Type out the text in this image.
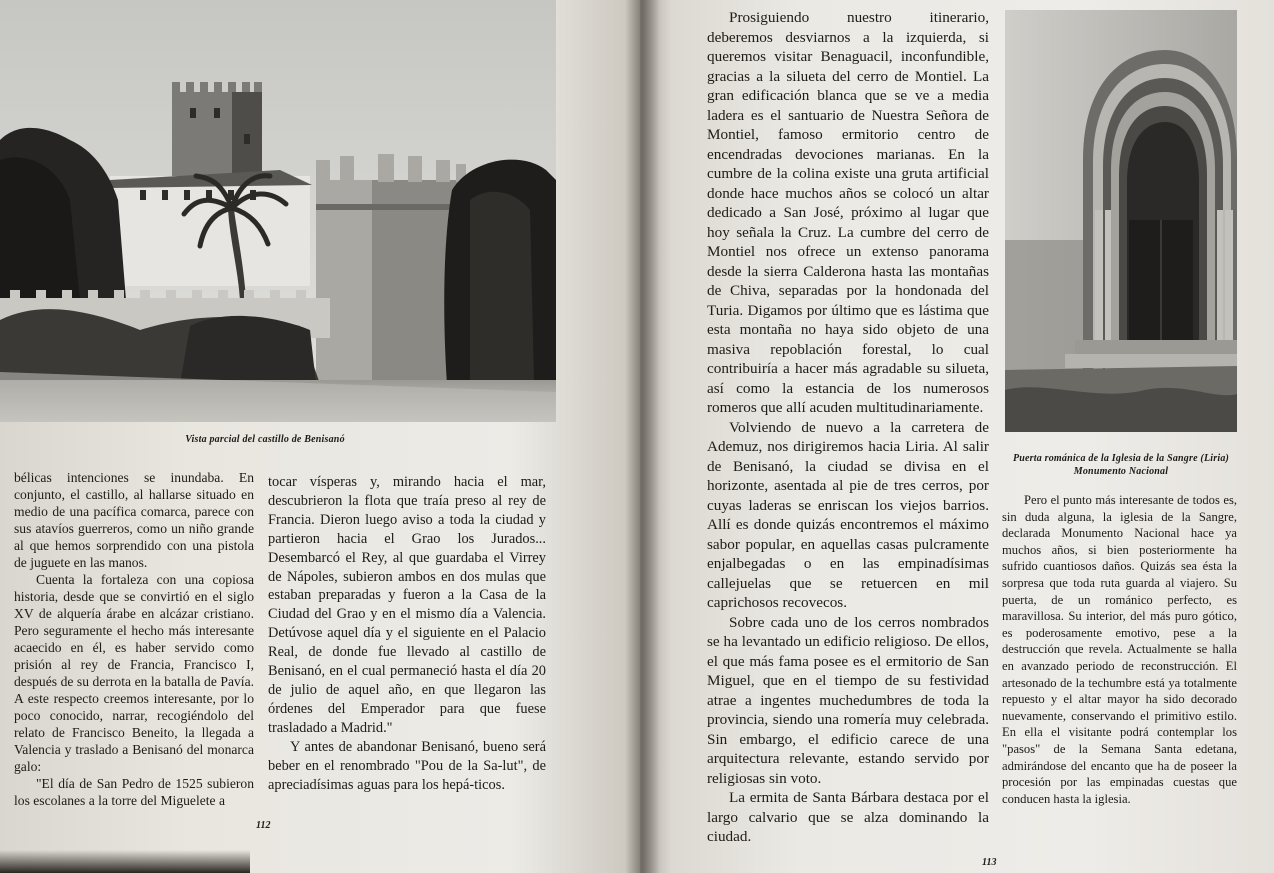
Vista parcial del castillo de Benisanó

bélicas intenciones se inundaba. En conjunto, el castillo, al hallarse situado en medio de una pacífica comarca, parece con sus atavíos guerreros, como un niño grande al que hemos sorprendido con una pistola de juguete en las manos.

Cuenta la fortaleza con una copiosa historia, desde que se convirtió en el siglo XV de alquería árabe en alcázar cristiano. Pero seguramente el hecho más interesante acaecido en él, es haber servido como prisión al rey de Francia, Francisco I, después de su derrota en la batalla de Pavía. A este respecto creemos interesante, por lo poco conocido, narrar, recogiéndolo del relato de Francisco Beneito, la llegada a Valencia y traslado a Benisanó del monarca galo:

"El día de San Pedro de 1525 subieron los escolanes a la torre del Miguelete a

tocar vísperas y, mirando hacia el mar, descubrieron la flota que traía preso al rey de Francia. Dieron luego aviso a toda la ciudad y partieron hacia el Grao los Jurados... Desembarcó el Rey, al que guardaba el Virrey de Nápoles, subieron ambos en dos mulas que estaban preparadas y fueron a la Casa de la Ciudad del Grao y en el mismo día a Valencia. Detúvose aquel día y el siguiente en el Palacio Real, de donde fue llevado al castillo de Benisanó, en el cual permaneció hasta el día 20 de julio de aquel año, en que llegaron las órdenes del Emperador para que fuese trasladado a Madrid."

Y antes de abandonar Benisanó, bueno será beber en el renombrado "Pou de la Sa-lut", de apreciadísimas aguas para los hepá-ticos.

112

Prosiguiendo nuestro itinerario, deberemos desviarnos a la izquierda, si queremos visitar Benaguacil, inconfundible, gracias a la silueta del cerro de Montiel. La gran edificación blanca que se ve a media ladera es el santuario de Nuestra Señora de Montiel, famoso ermitorio centro de encendradas devociones marianas. En la cumbre de la colina existe una gruta artificial donde hace muchos años se colocó un altar dedicado a San José, próximo al lugar que hoy señala la Cruz. La cumbre del cerro de Montiel nos ofrece un extenso panorama desde la sierra Calderona hasta las montañas de Chiva, separadas por la hondonada del Turia. Digamos por último que es lástima que esta montaña no haya sido objeto de una masiva repoblación forestal, lo cual contribuiría a hacer más agradable su silueta, así como la estancia de los numerosos romeros que allí acuden multitudinariamente.

Volviendo de nuevo a la carretera de Ademuz, nos dirigiremos hacia Liria. Al salir de Benisanó, la ciudad se divisa en el horizonte, asentada al pie de tres cerros, por cuyas laderas se enriscan los viejos barrios. Allí es donde quizás encontremos el máximo sabor popular, en aquellas casas pulcramente enjalbegadas o en las empinadísimas callejuelas que se retuercen en mil caprichosos recovecos.

Sobre cada uno de los cerros nombrados se ha levantado un edificio religioso. De ellos, el que más fama posee es el ermitorio de San Miguel, que en el tiempo de su festividad atrae a ingentes muchedumbres de toda la provincia, siendo una romería muy celebrada. Sin embargo, el edificio carece de una arquitectura relevante, estando servido por religiosas sin voto.

La ermita de Santa Bárbara destaca por el largo calvario que se alza dominando la ciudad.

Puerta románica de la Iglesia de la Sangre (Liria)
Monumento Nacional

Pero el punto más interesante de todos es, sin duda alguna, la iglesia de la Sangre, declarada Monumento Nacional hace ya muchos años, si bien posteriormente ha sufrido cuantiosos daños. Quizás sea ésta la sorpresa que toda ruta guarda al viajero. Su puerta, de un románico perfecto, es maravillosa. Su interior, del más puro gótico, es poderosamente emotivo, pese a la destrucción que revela. Actualmente se halla en avanzado periodo de reconstrucción. El artesonado de la techumbre está ya totalmente repuesto y el altar mayor ha sido decorado nuevamente, conservando el primitivo estilo. En ella el visitante podrá contemplar los "pasos" de la Semana Santa edetana, admirándose del encanto que ha de poseer la procesión por las empinadas cuestas que conducen hasta la iglesia.

113
